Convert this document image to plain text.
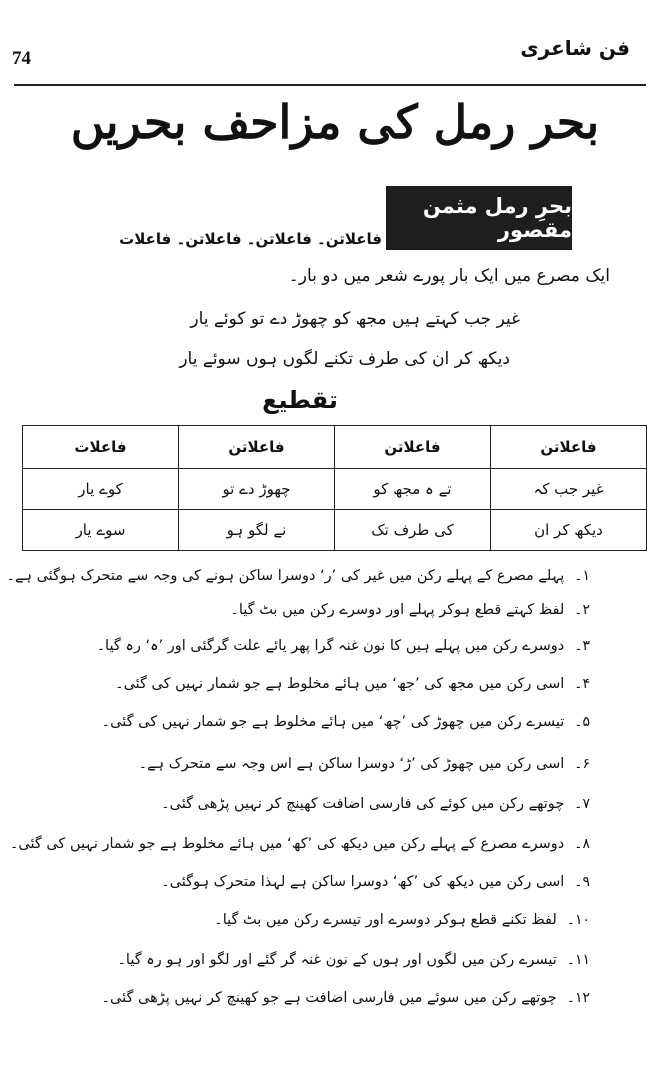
74	فن شاعری
بحر رمل کی مزاحف بحریں
بحرِ رمل مثمن مقصور
فاعلاتن۔ فاعلاتن۔ فاعلاتن۔ فاعلات
ایک مصرع میں ایک بار پورے شعر میں دو بار۔
غیر جب کہتے ہیں مجھ کو چھوڑ دے تو کوئے یار
دیکھ کر ان کی طرف تکنے لگوں ہوں سوئے یار
تقطیع
فاعلاتن	فاعلاتن	فاعلاتن	فاعلات
غیر جب کہ	تے ہ مجھ کو	چھوڑ دے تو	کوے یار
دیکھ کر ان	کی طرف تک	نے لگو ہو	سوے یار
۱۔پہلے مصرع کے پہلے رکن میں غیر کی ’ر‘ دوسرا ساکن ہونے کی وجہ سے متحرک ہوگئی ہے۔
۲۔لفظ کہتے قطع ہوکر پہلے اور دوسرے رکن میں بٹ گیا۔
۳۔دوسرے رکن میں پہلے ہیں کا نون غنہ گرا پھر یائے علت گرگئی اور ’ہ‘ رہ گیا۔
۴۔اسی رکن میں مجھ کی ’جھ‘ میں ہائے مخلوط ہے جو شمار نہیں کی گئی۔
۵۔تیسرے رکن میں چھوڑ کی ’چھ‘ میں ہائے مخلوط ہے جو شمار نہیں کی گئی۔
۶۔اسی رکن میں چھوڑ کی ’ڑ‘ دوسرا ساکن ہے اس وجہ سے متحرک ہے۔
۷۔چوتھے رکن میں کوئے کی فارسی اضافت کھینچ کر نہیں پڑھی گئی۔
۸۔دوسرے مصرع کے پہلے رکن میں دیکھ کی ’کھ‘ میں ہائے مخلوط ہے جو شمار نہیں کی گئی۔
۹۔اسی رکن میں دیکھ کی ’کھ‘ دوسرا ساکن ہے لہذا متحرک ہوگئی۔
۱۰۔لفظ تکنے قطع ہوکر دوسرے اور تیسرے رکن میں بٹ گیا۔
۱۱۔تیسرے رکن میں لگوں اور ہوں کے نون غنہ گر گئے اور لگو اور ہو رہ گیا۔
۱۲۔چوتھے رکن میں سوئے میں فارسی اضافت ہے جو کھینچ کر نہیں پڑھی گئی۔
